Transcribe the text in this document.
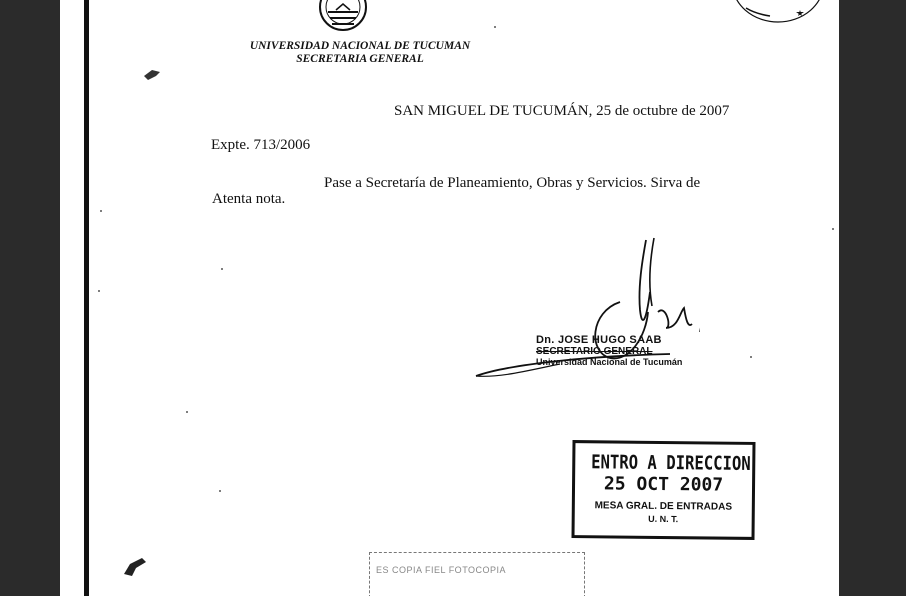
UNIVERSIDAD NACIONAL DE TUCUMAN
SECRETARIA GENERAL
SAN MIGUEL DE TUCUMÁN, 25 de octubre de 2007
Expte. 713/2006
Pase a Secretaría de Planeamiento, Obras y Servicios. Sirva de
Atenta nota.
Dn. JOSE HUGO SAAB
SECRETARIO GENERAL
Universidad Nacional de Tucumán
ENTRO A DIRECCION
25 OCT 2007
MESA GRAL. DE ENTRADAS
U. N. T.
ES COPIA FIEL FOTOCOPIA
